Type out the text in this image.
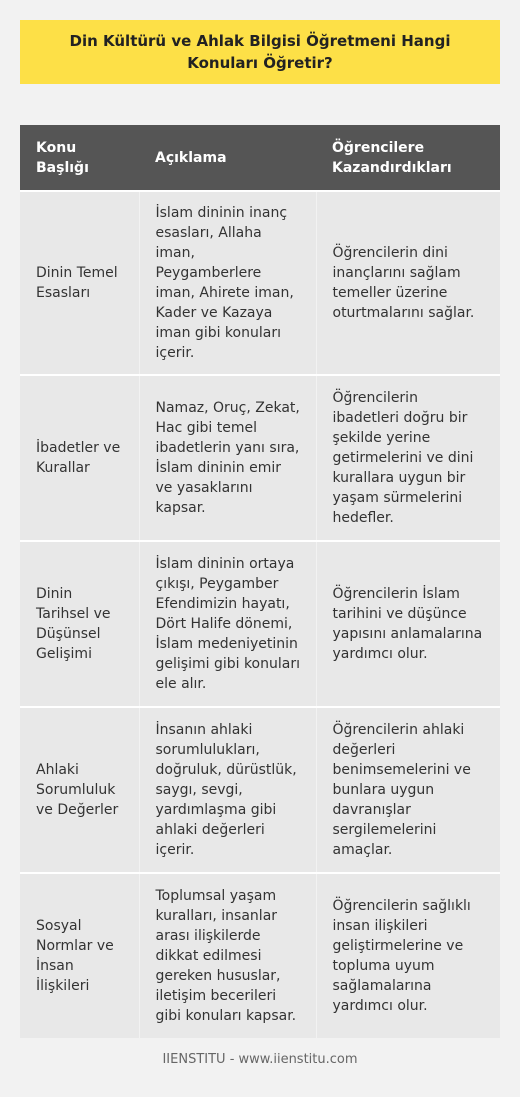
Din Kültürü ve Ahlak Bilgisi Öğretmeni Hangi Konuları Öğretir?
Konu Başlığı	Açıklama	Öğrencilere Kazandırdıkları
Dinin Temel Esasları	İslam dininin inanç esasları, Allaha iman, Peygamberlere iman, Ahirete iman, Kader ve Kazaya iman gibi konuları içerir.	Öğrencilerin dini inançlarını sağlam temeller üzerine oturtmalarını sağlar.
İbadetler ve Kurallar	Namaz, Oruç, Zekat, Hac gibi temel ibadetlerin yanı sıra, İslam dininin emir ve yasaklarını kapsar.	Öğrencilerin ibadetleri doğru bir şekilde yerine getirmelerini ve dini kurallara uygun bir yaşam sürmelerini hedefler.
Dinin Tarihsel ve Düşünsel Gelişimi	İslam dininin ortaya çıkışı, Peygamber Efendimizin hayatı, Dört Halife dönemi, İslam medeniyetinin gelişimi gibi konuları ele alır.	Öğrencilerin İslam tarihini ve düşünce yapısını anlamalarına yardımcı olur.
Ahlaki Sorumluluk ve Değerler	İnsanın ahlaki sorumlulukları, doğruluk, dürüstlük, saygı, sevgi, yardımlaşma gibi ahlaki değerleri içerir.	Öğrencilerin ahlaki değerleri benimsemelerini ve bunlara uygun davranışlar sergilemelerini amaçlar.
Sosyal Normlar ve İnsan İlişkileri	Toplumsal yaşam kuralları, insanlar arası ilişkilerde dikkat edilmesi gereken hususlar, iletişim becerileri gibi konuları kapsar.	Öğrencilerin sağlıklı insan ilişkileri geliştirmelerine ve topluma uyum sağlamalarına yardımcı olur.
IIENSTITU - www.iienstitu.com
